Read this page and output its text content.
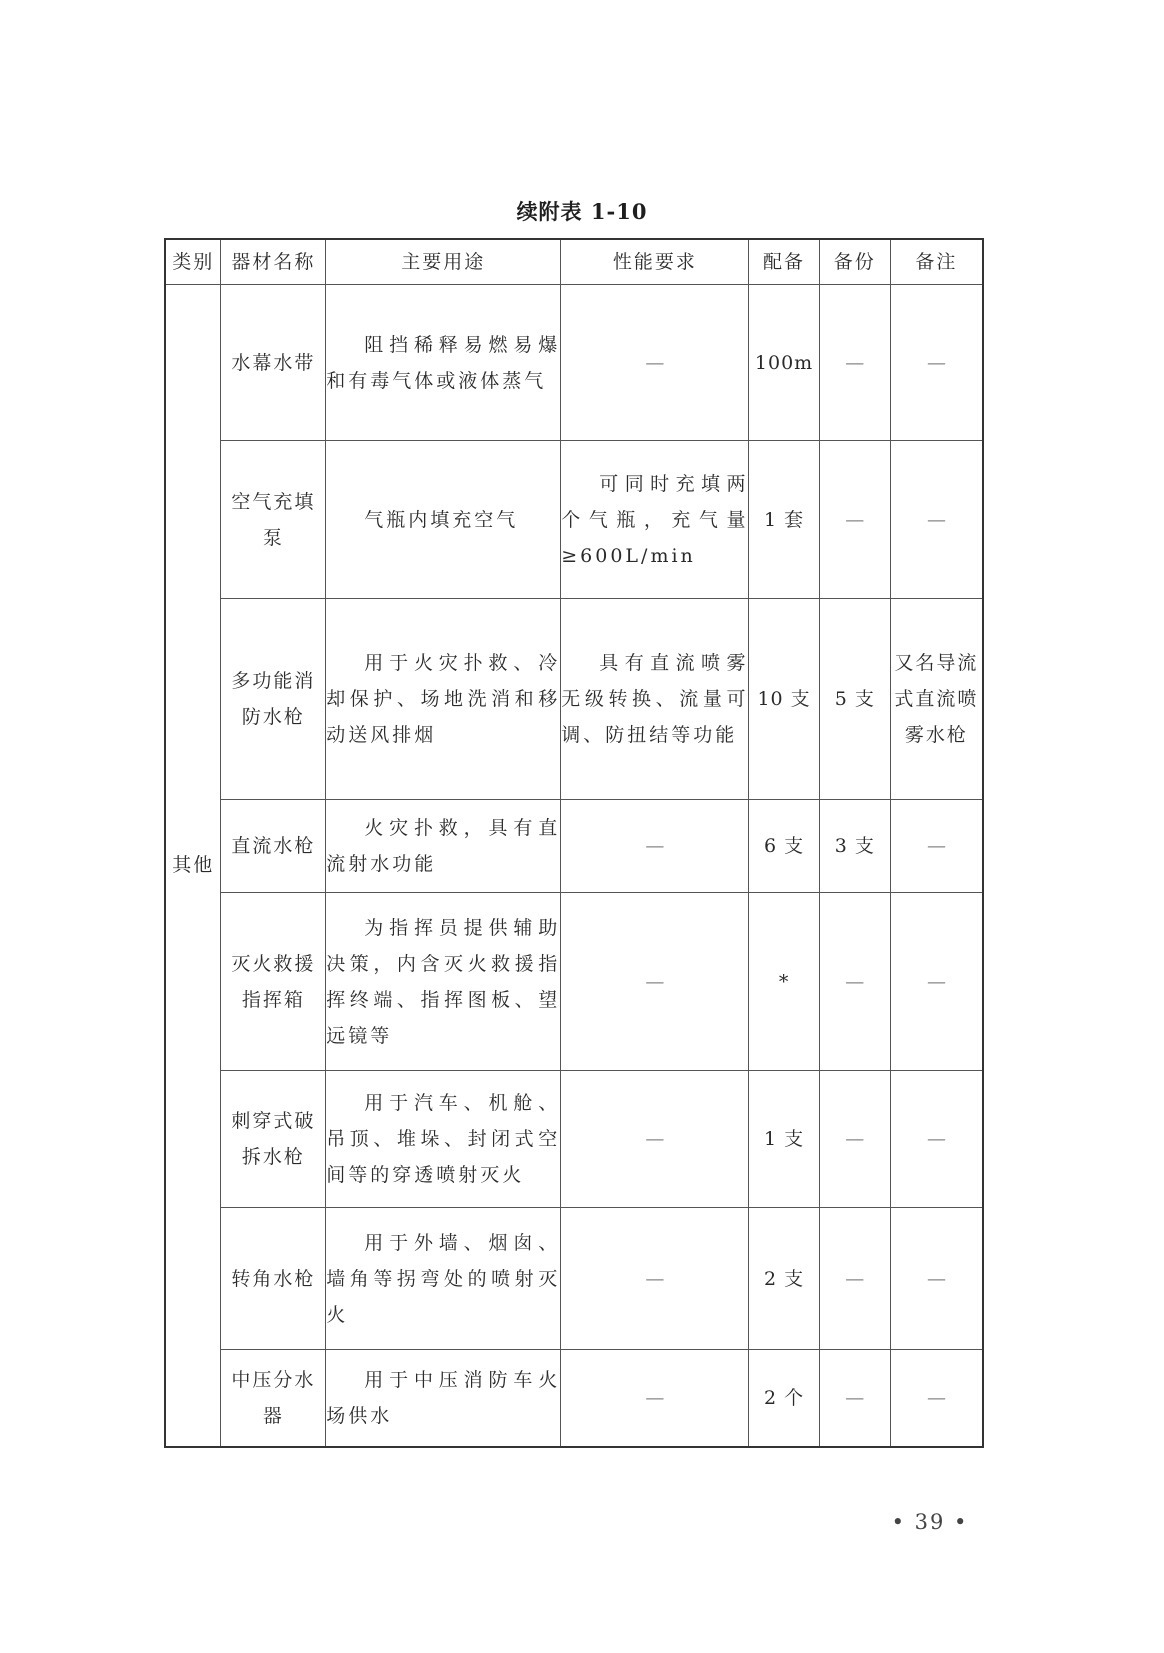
续附表 1-10
类别	器材名称	主要用途	性能要求	配备	备份	备注
其他	水幕水带	阻挡稀释易燃易爆和有毒气体或液体蒸气	—	100m	—	—
	空气充填泵	气瓶内填充空气	可同时充填两个气瓶，充气量≥600L/min	1 套	—	—
	多功能消防水枪	用于火灾扑救、冷却保护、场地洗消和移动送风排烟	具有直流喷雾无级转换、流量可调、防扭结等功能	10 支	5 支	又名导流式直流喷雾水枪
	直流水枪	火灾扑救，具有直流射水功能	—	6 支	3 支	—
	灭火救援指挥箱	为指挥员提供辅助决策，内含灭火救援指挥终端、指挥图板、望远镜等	—	*	—	—
	刺穿式破拆水枪	用于汽车、机舱、吊顶、堆垛、封闭式空间等的穿透喷射灭火	—	1 支	—	—
	转角水枪	用于外墙、烟囱、墙角等拐弯处的喷射灭火	—	2 支	—	—
	中压分水器	用于中压消防车火场供水	—	2 个	—	—
• 39 •
